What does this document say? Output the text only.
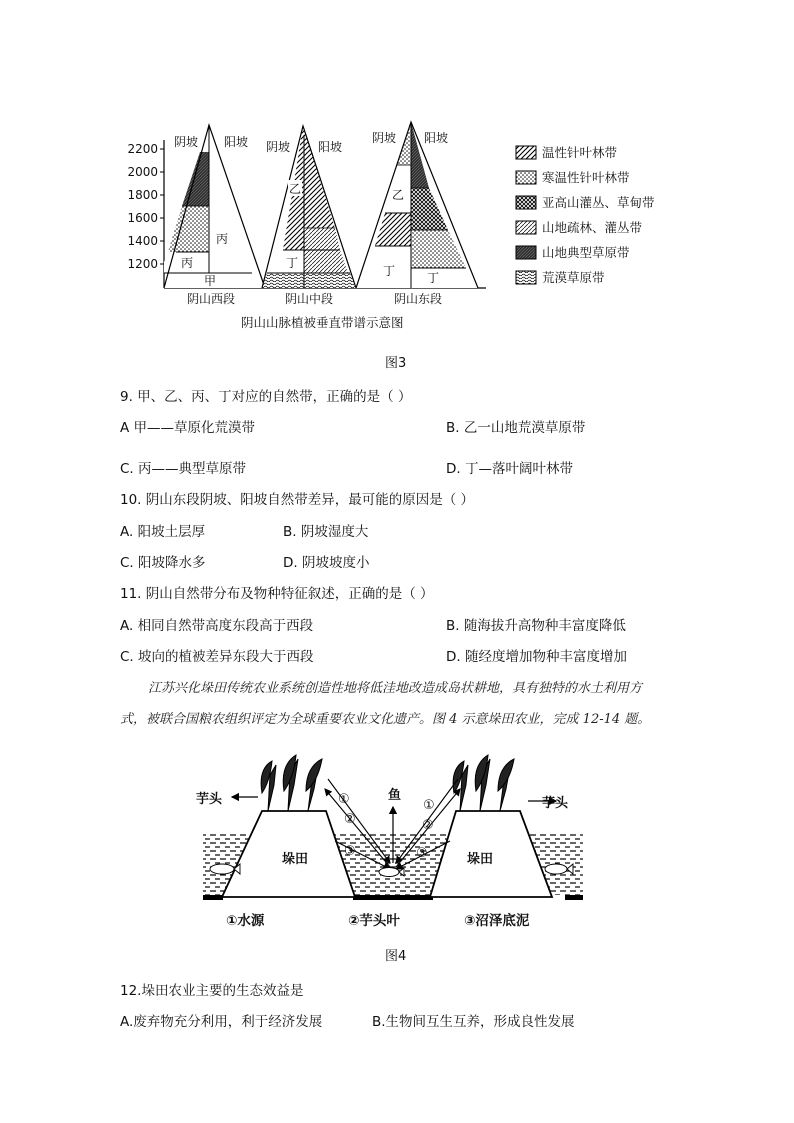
2200
2000
1800
1600
1400
1200
阴坡 阳坡 阴坡 阳坡
阴坡 阳坡
甲
丙
丙
乙
丁
乙
丁	丁
阴山西段	阴山中段	阴山东段
阴山山脉植被垂直带谱示意图
温性针叶林带
寒温性针叶林带
亚高山灌丛、草甸带
山地疏林、灌丛带
山地典型草原带
荒漠草原带
图3
9. 甲、乙、丙、丁对应的自然带，正确的是（ ）
A 甲——草原化荒漠带	B. 乙一山地荒漠草原带
C. 丙——典型草原带	D. 丁—落叶阔叶林带
10. 阴山东段阴坡、阳坡自然带差异，最可能的原因是（ ）
A. 阳坡土层厚	B. 阴坡湿度大
C. 阳坡降水多	D. 阴坡坡度小
11. 阴山自然带分布及物种特征叙述，正确的是（ ）
A. 相同自然带高度东段高于西段	B. 随海拔升高物种丰富度降低
C. 坡向的植被差异东段大于西段	D. 随经度增加物种丰富度增加
江苏兴化垛田传统农业系统创造性地将低洼地改造成岛状耕地，具有独特的水土利用方
式，被联合国粮农组织评定为全球重要农业文化遗产。图 4 示意垛田农业，完成 12-14 题。
垛田	垛田
芋头	芋头
鱼
①
②
③
①
②
③
①水源	②芋头叶	③沼泽底泥
图4
12.垛田农业主要的生态效益是
A.废弃物充分利用，利于经济发展	B.生物间互生互养，形成良性发展
